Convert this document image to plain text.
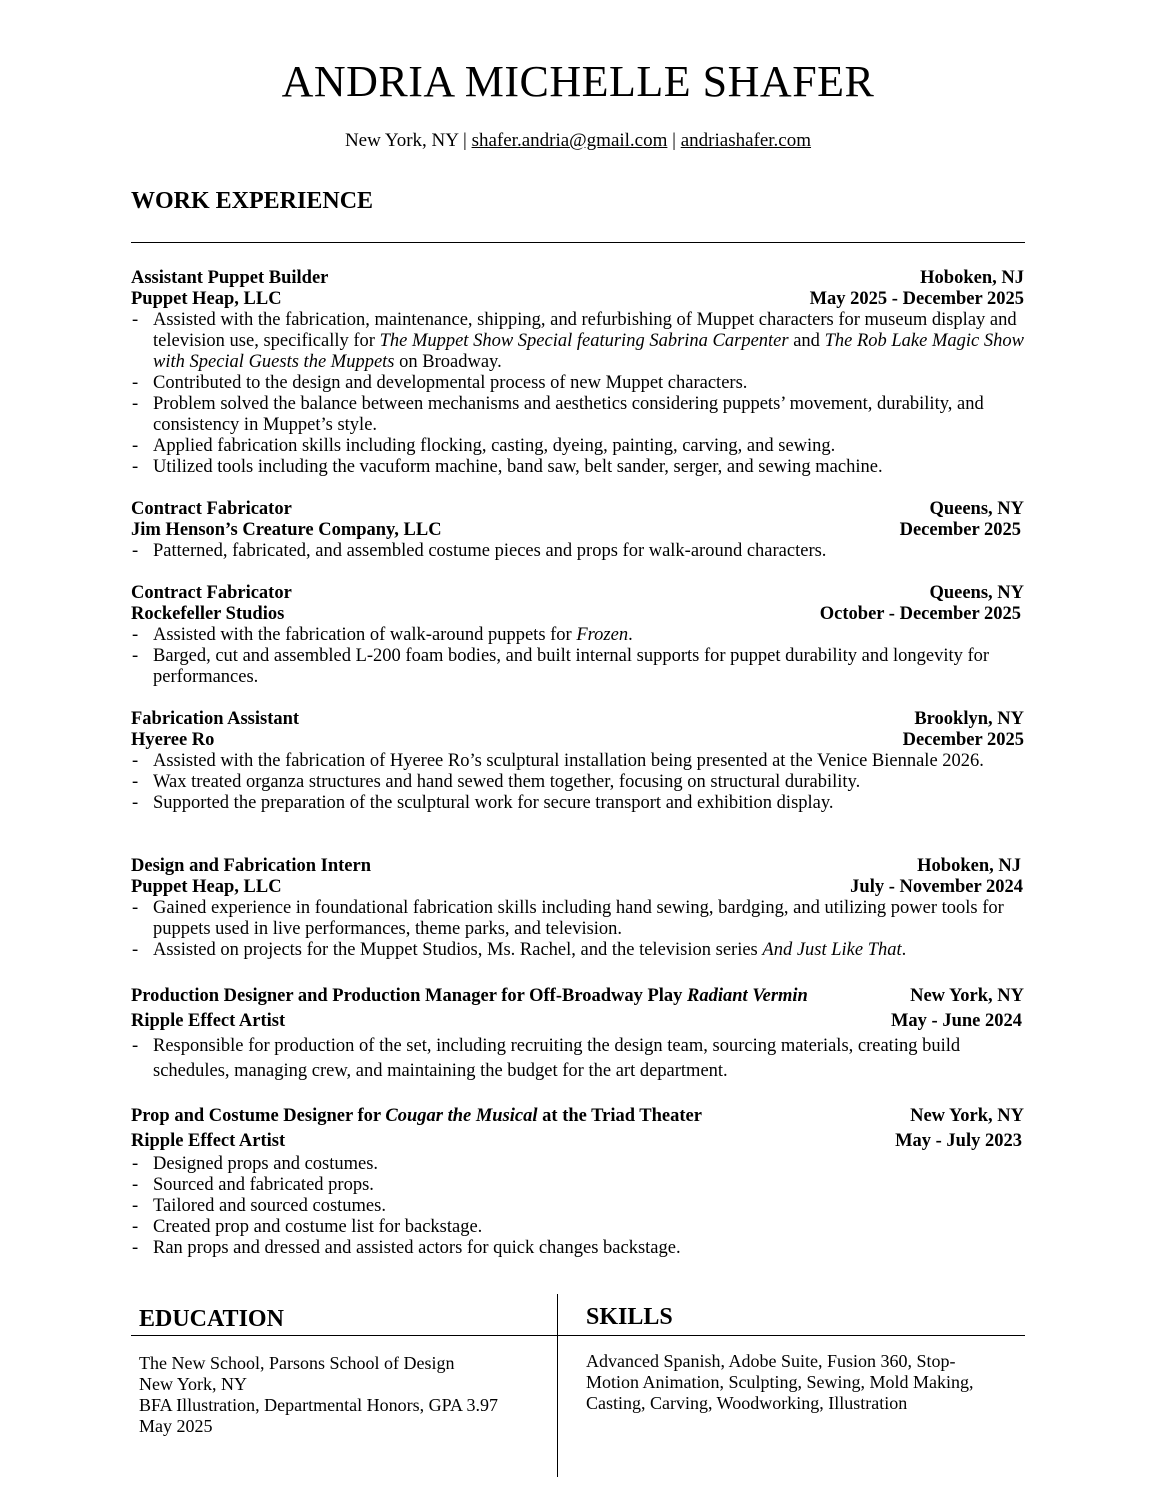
ANDRIA MICHELLE SHAFER
New York, NY | shafer.andria@gmail.com | andriashafer.com
WORK EXPERIENCE
Assistant Puppet Builder	Hoboken, NJ
Puppet Heap, LLC	May 2025 - December 2025
- Assisted with the fabrication, maintenance, shipping, and refurbishing of Muppet characters for museum display and television use, specifically for The Muppet Show Special featuring Sabrina Carpenter and The Rob Lake Magic Show with Special Guests the Muppets on Broadway.
- Contributed to the design and developmental process of new Muppet characters.
- Problem solved the balance between mechanisms and aesthetics considering puppets’ movement, durability, and consistency in Muppet’s style.
- Applied fabrication skills including flocking, casting, dyeing, painting, carving, and sewing.
- Utilized tools including the vacuform machine, band saw, belt sander, serger, and sewing machine.
Contract Fabricator	Queens, NY
Jim Henson’s Creature Company, LLC	December 2025
- Patterned, fabricated, and assembled costume pieces and props for walk-around characters.
Contract Fabricator	Queens, NY
Rockefeller Studios	October - December 2025
- Assisted with the fabrication of walk-around puppets for Frozen.
- Barged, cut and assembled L-200 foam bodies, and built internal supports for puppet durability and longevity for performances.
Fabrication Assistant	Brooklyn, NY
Hyeree Ro	December 2025
- Assisted with the fabrication of Hyeree Ro’s sculptural installation being presented at the Venice Biennale 2026.
- Wax treated organza structures and hand sewed them together, focusing on structural durability.
- Supported the preparation of the sculptural work for secure transport and exhibition display.
Design and Fabrication Intern	Hoboken, NJ
Puppet Heap, LLC	July - November 2024
- Gained experience in foundational fabrication skills including hand sewing, bardging, and utilizing power tools for puppets used in live performances, theme parks, and television.
- Assisted on projects for the Muppet Studios, Ms. Rachel, and the television series And Just Like That.
Production Designer and Production Manager for Off-Broadway Play Radiant Vermin	New York, NY
Ripple Effect Artist	May - June 2024
- Responsible for production of the set, including recruiting the design team, sourcing materials, creating build schedules, managing crew, and maintaining the budget for the art department.
Prop and Costume Designer for Cougar the Musical at the Triad Theater	New York, NY
Ripple Effect Artist	May - July 2023
- Designed props and costumes.
- Sourced and fabricated props.
- Tailored and sourced costumes.
- Created prop and costume list for backstage.
- Ran props and dressed and assisted actors for quick changes backstage.
EDUCATION	SKILLS
The New School, Parsons School of Design
New York, NY
BFA Illustration, Departmental Honors, GPA 3.97
May 2025
Advanced Spanish, Adobe Suite, Fusion 360, Stop-
Motion Animation, Sculpting, Sewing, Mold Making,
Casting, Carving, Woodworking, Illustration
